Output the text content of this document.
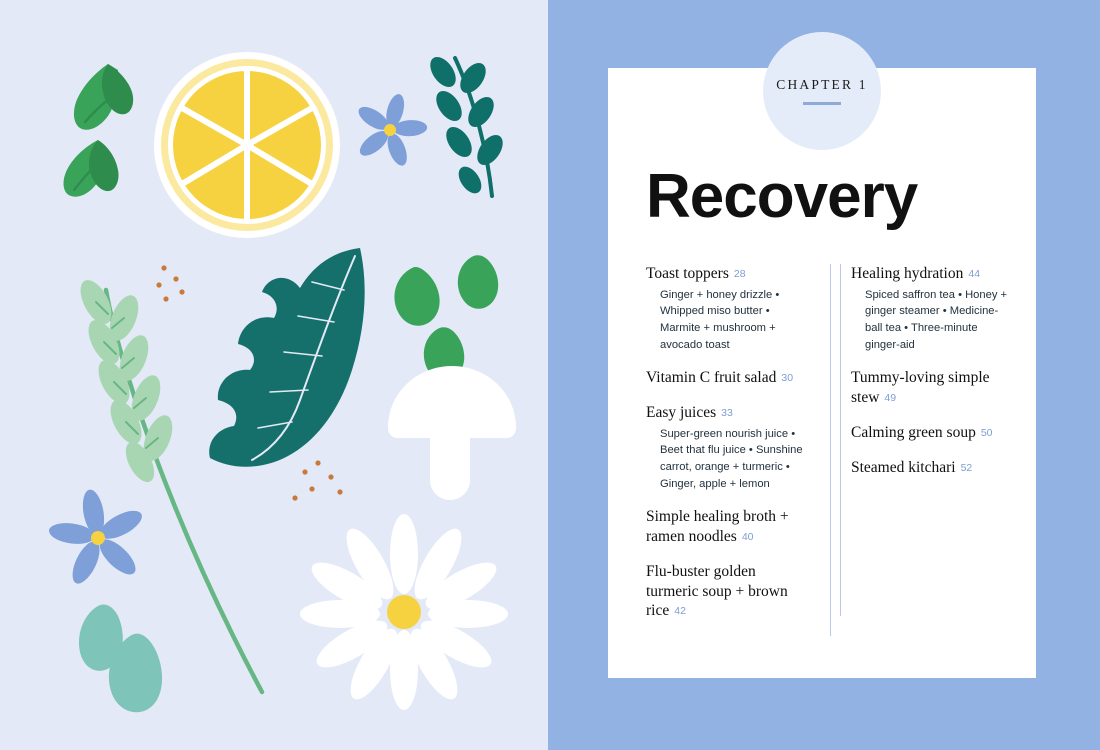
Recovery
Toast toppers 28
Ginger + honey drizzle • Whipped miso butter • Marmite + mushroom + avocado toast
Vitamin C fruit salad 30
Easy juices 33
Super-green nourish juice • Beet that flu juice • Sunshine carrot, orange + turmeric • Ginger, apple + lemon
Simple healing broth + ramen noodles 40
Flu-buster golden turmeric soup + brown rice 42
Healing hydration 44
Spiced saffron tea • Honey + ginger steamer • Medicine-ball tea • Three-minute ginger-aid
Tummy-loving simple stew 49
Calming green soup 50
Steamed kitchari 52
CHAPTER 1
